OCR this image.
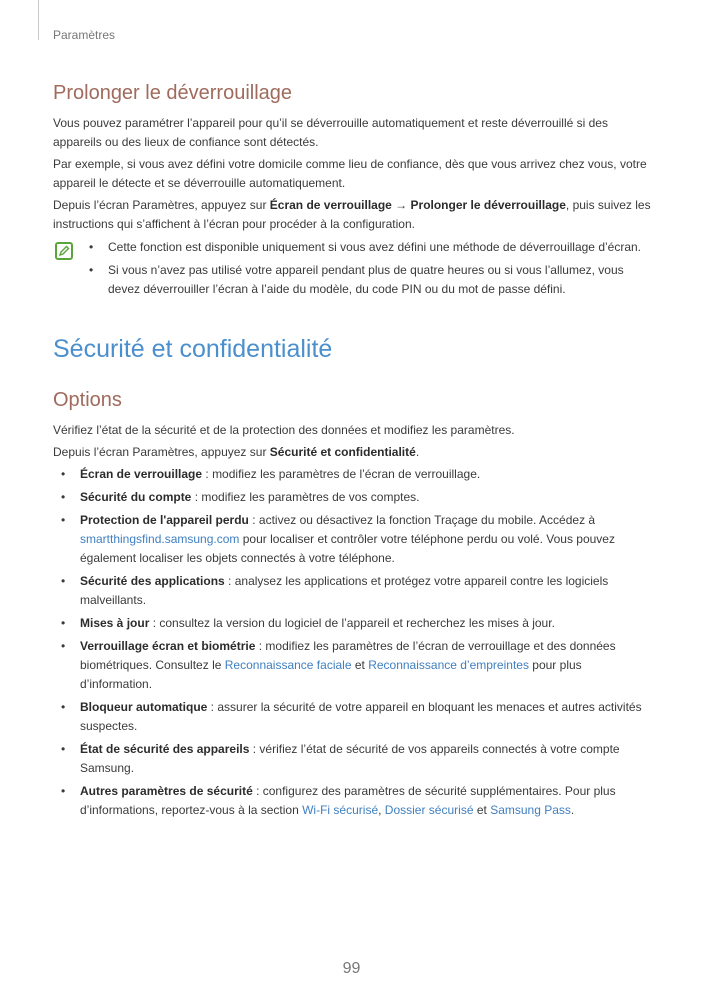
Paramètres
Prolonger le déverrouillage

Vous pouvez paramétrer l’appareil pour qu’il se déverrouille automatiquement et reste déverrouillé si des appareils ou des lieux de confiance sont détectés.

Par exemple, si vous avez défini votre domicile comme lieu de confiance, dès que vous arrivez chez vous, votre appareil le détecte et se déverrouille automatiquement.

Depuis l’écran Paramètres, appuyez sur Écran de verrouillage → Prolonger le déverrouillage, puis suivez les instructions qui s’affichent à l’écran pour procéder à la configuration.

• Cette fonction est disponible uniquement si vous avez défini une méthode de déverrouillage d’écran.
• Si vous n’avez pas utilisé votre appareil pendant plus de quatre heures ou si vous l’allumez, vous devez déverrouiller l’écran à l’aide du modèle, du code PIN ou du mot de passe défini.
Sécurité et confidentialité
Options

Vérifiez l’état de la sécurité et de la protection des données et modifiez les paramètres.

Depuis l’écran Paramètres, appuyez sur Sécurité et confidentialité.

• Écran de verrouillage : modifiez les paramètres de l’écran de verrouillage.
• Sécurité du compte : modifiez les paramètres de vos comptes.
• Protection de l'appareil perdu : activez ou désactivez la fonction Traçage du mobile. Accédez à smartthingsfind.samsung.com pour localiser et contrôler votre téléphone perdu ou volé. Vous pouvez également localiser les objets connectés à votre téléphone.
• Sécurité des applications : analysez les applications et protégez votre appareil contre les logiciels malveillants.
• Mises à jour : consultez la version du logiciel de l’appareil et recherchez les mises à jour.
• Verrouillage écran et biométrie : modifiez les paramètres de l’écran de verrouillage et des données biométriques. Consultez le Reconnaissance faciale et Reconnaissance d’empreintes pour plus d’information.
• Bloqueur automatique : assurer la sécurité de votre appareil en bloquant les menaces et autres activités suspectes.
• État de sécurité des appareils : vérifiez l’état de sécurité de vos appareils connectés à votre compte Samsung.
• Autres paramètres de sécurité : configurez des paramètres de sécurité supplémentaires. Pour plus d’informations, reportez-vous à la section Wi-Fi sécurisé, Dossier sécurisé et Samsung Pass.
99
